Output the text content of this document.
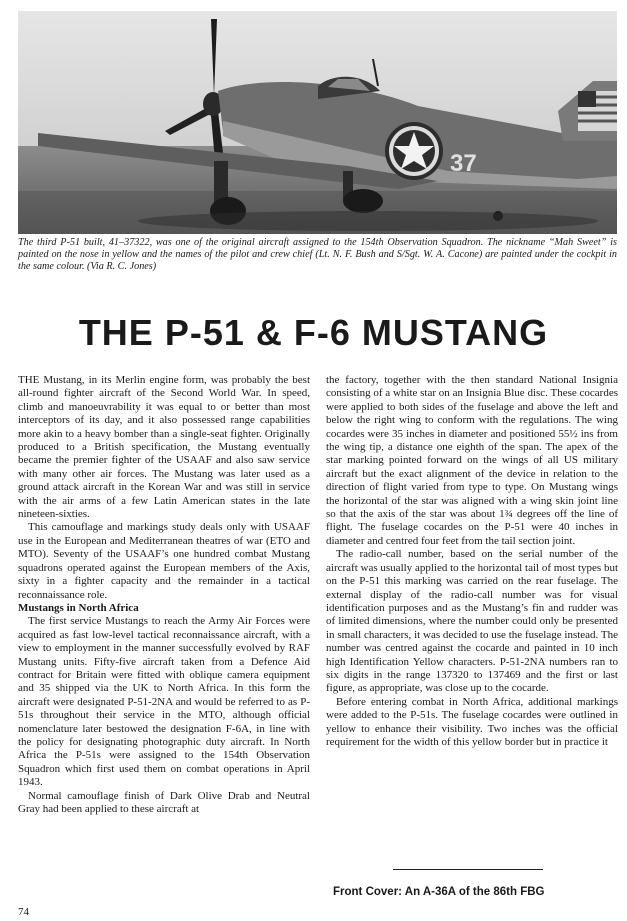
37
The third P-51 built, 41–37322, was one of the original aircraft assigned to the 154th Observation Squadron. The nickname “Mah Sweet” is painted on the nose in yellow and the names of the pilot and crew chief (Lt. N. F. Bush and S/Sgt. W. A. Cacone) are painted under the cockpit in the same colour. (Via R. C. Jones)
THE P-51 & F-6 MUSTANG

THE Mustang, in its Merlin engine form, was probably the best all-round fighter aircraft of the Second World War. In speed, climb and manoeuvrability it was equal to or better than most interceptors of its day, and it also possessed range capabilities more akin to a heavy bomber than a single-seat fighter. Originally produced to a British specification, the Mustang eventually became the premier fighter of the USAAF and also saw service with many other air forces. The Mustang was later used as a ground attack aircraft in the Korean War and was still in service with the air arms of a few Latin American states in the late nineteen-sixties.

This camouflage and markings study deals only with USAAF use in the European and Mediterranean theatres of war (ETO and MTO). Seventy of the USAAF’s one hundred combat Mustang squadrons operated against the European members of the Axis, sixty in a fighter capacity and the remainder in a tactical reconnaissance role.

Mustangs in North Africa

The first service Mustangs to reach the Army Air Forces were acquired as fast low-level tactical reconnaissance aircraft, with a view to employment in the manner successfully evolved by RAF Mustang units. Fifty-five aircraft taken from a Defence Aid contract for Britain were fitted with oblique camera equipment and 35 shipped via the UK to North Africa. In this form the aircraft were designated P-51-2NA and would be referred to as P-51s throughout their service in the MTO, although official nomenclature later bestowed the designation F-6A, in line with the policy for designating photographic duty aircraft. In North Africa the P-51s were assigned to the 154th Observation Squadron which first used them on combat operations in April 1943.

Normal camouflage finish of Dark Olive Drab and Neutral Gray had been applied to these aircraft at

the factory, together with the then standard National Insignia consisting of a white star on an Insignia Blue disc. These cocardes were applied to both sides of the fuselage and above the left and below the right wing to conform with the regulations. The wing cocardes were 35 inches in diameter and positioned 55½ ins from the wing tip, a distance one eighth of the span. The apex of the star marking pointed forward on the wings of all US military aircraft but the exact alignment of the device in relation to the direction of flight varied from type to type. On Mustang wings the horizontal of the star was aligned with a wing skin joint line so that the axis of the star was about 1¾ degrees off the line of flight. The fuselage cocardes on the P-51 were 40 inches in diameter and centred four feet from the tail section joint.

The radio-call number, based on the serial number of the aircraft was usually applied to the horizontal tail of most types but on the P-51 this marking was carried on the rear fuselage. The external display of the radio-call number was for visual identification purposes and as the Mustang’s fin and rudder was of limited dimensions, where the number could only be presented in small characters, it was decided to use the fuselage instead. The number was centred against the cocarde and painted in 10 inch high Identification Yellow characters. P-51-2NA numbers ran to six digits in the range 137320 to 137469 and the first or last figure, as appropriate, was close up to the cocarde.

Before entering combat in North Africa, additional markings were added to the P-51s. The fuselage cocardes were outlined in yellow to enhance their visibility. Two inches was the official requirement for the width of this yellow border but in practice it

Front Cover: An A-36A of the 86th FBG
74
